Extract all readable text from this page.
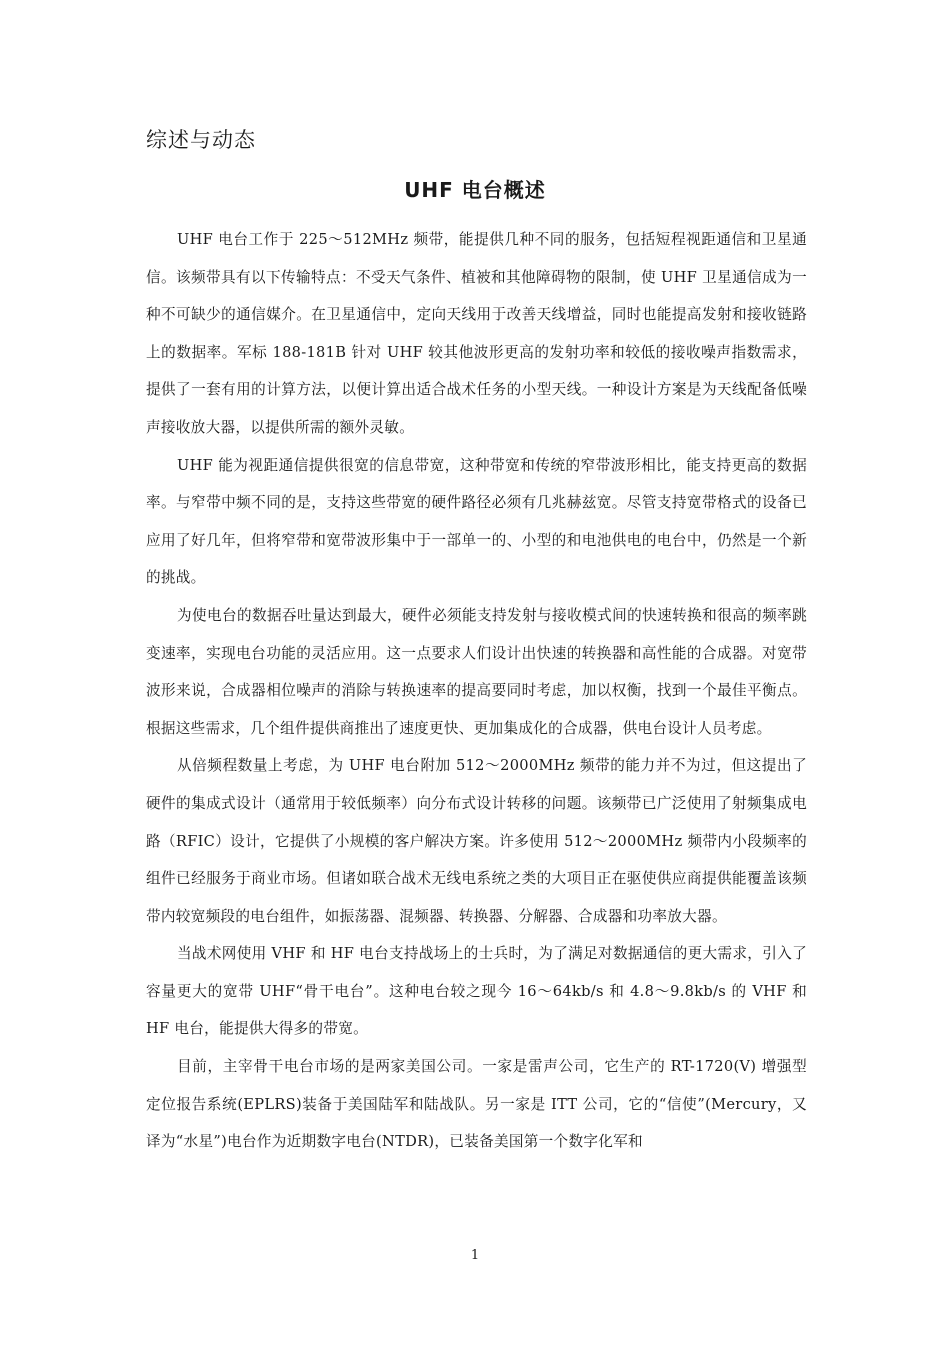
综述与动态
UHF 电台概述

UHF 电台工作于 225～512MHz 频带，能提供几种不同的服务，包括短程视距通信和卫星通信。该频带具有以下传输特点：不受天气条件、植被和其他障碍物的限制，使 UHF 卫星通信成为一种不可缺少的通信媒介。在卫星通信中，定向天线用于改善天线增益，同时也能提高发射和接收链路上的数据率。军标 188-181B 针对 UHF 较其他波形更高的发射功率和较低的接收噪声指数需求，提供了一套有用的计算方法，以便计算出适合战术任务的小型天线。一种设计方案是为天线配备低噪声接收放大器，以提供所需的额外灵敏。

UHF 能为视距通信提供很宽的信息带宽，这种带宽和传统的窄带波形相比，能支持更高的数据率。与窄带中频不同的是，支持这些带宽的硬件路径必须有几兆赫兹宽。尽管支持宽带格式的设备已应用了好几年，但将窄带和宽带波形集中于一部单一的、小型的和电池供电的电台中，仍然是一个新的挑战。

为使电台的数据吞吐量达到最大，硬件必须能支持发射与接收模式间的快速转换和很高的频率跳变速率，实现电台功能的灵活应用。这一点要求人们设计出快速的转换器和高性能的合成器。对宽带波形来说，合成器相位噪声的消除与转换速率的提高要同时考虑，加以权衡，找到一个最佳平衡点。根据这些需求，几个组件提供商推出了速度更快、更加集成化的合成器，供电台设计人员考虑。

从倍频程数量上考虑，为 UHF 电台附加 512～2000MHz 频带的能力并不为过，但这提出了硬件的集成式设计（通常用于较低频率）向分布式设计转移的问题。该频带已广泛使用了射频集成电路（RFIC）设计，它提供了小规模的客户解决方案。许多使用 512～2000MHz 频带内小段频率的组件已经服务于商业市场。但诸如联合战术无线电系统之类的大项目正在驱使供应商提供能覆盖该频带内较宽频段的电台组件，如振荡器、混频器、转换器、分解器、合成器和功率放大器。

当战术网使用 VHF 和 HF 电台支持战场上的士兵时，为了满足对数据通信的更大需求，引入了容量更大的宽带 UHF“骨干电台”。这种电台较之现今 16～64kb/s 和 4.8～9.8kb/s 的 VHF 和 HF 电台，能提供大得多的带宽。

目前，主宰骨干电台市场的是两家美国公司。一家是雷声公司，它生产的 RT-1720(V) 增强型定位报告系统(EPLRS)装备于美国陆军和陆战队。另一家是 ITT 公司，它的“信使”(Mercury，又译为“水星”)电台作为近期数字电台(NTDR)，已装备美国第一个数字化军和

1
